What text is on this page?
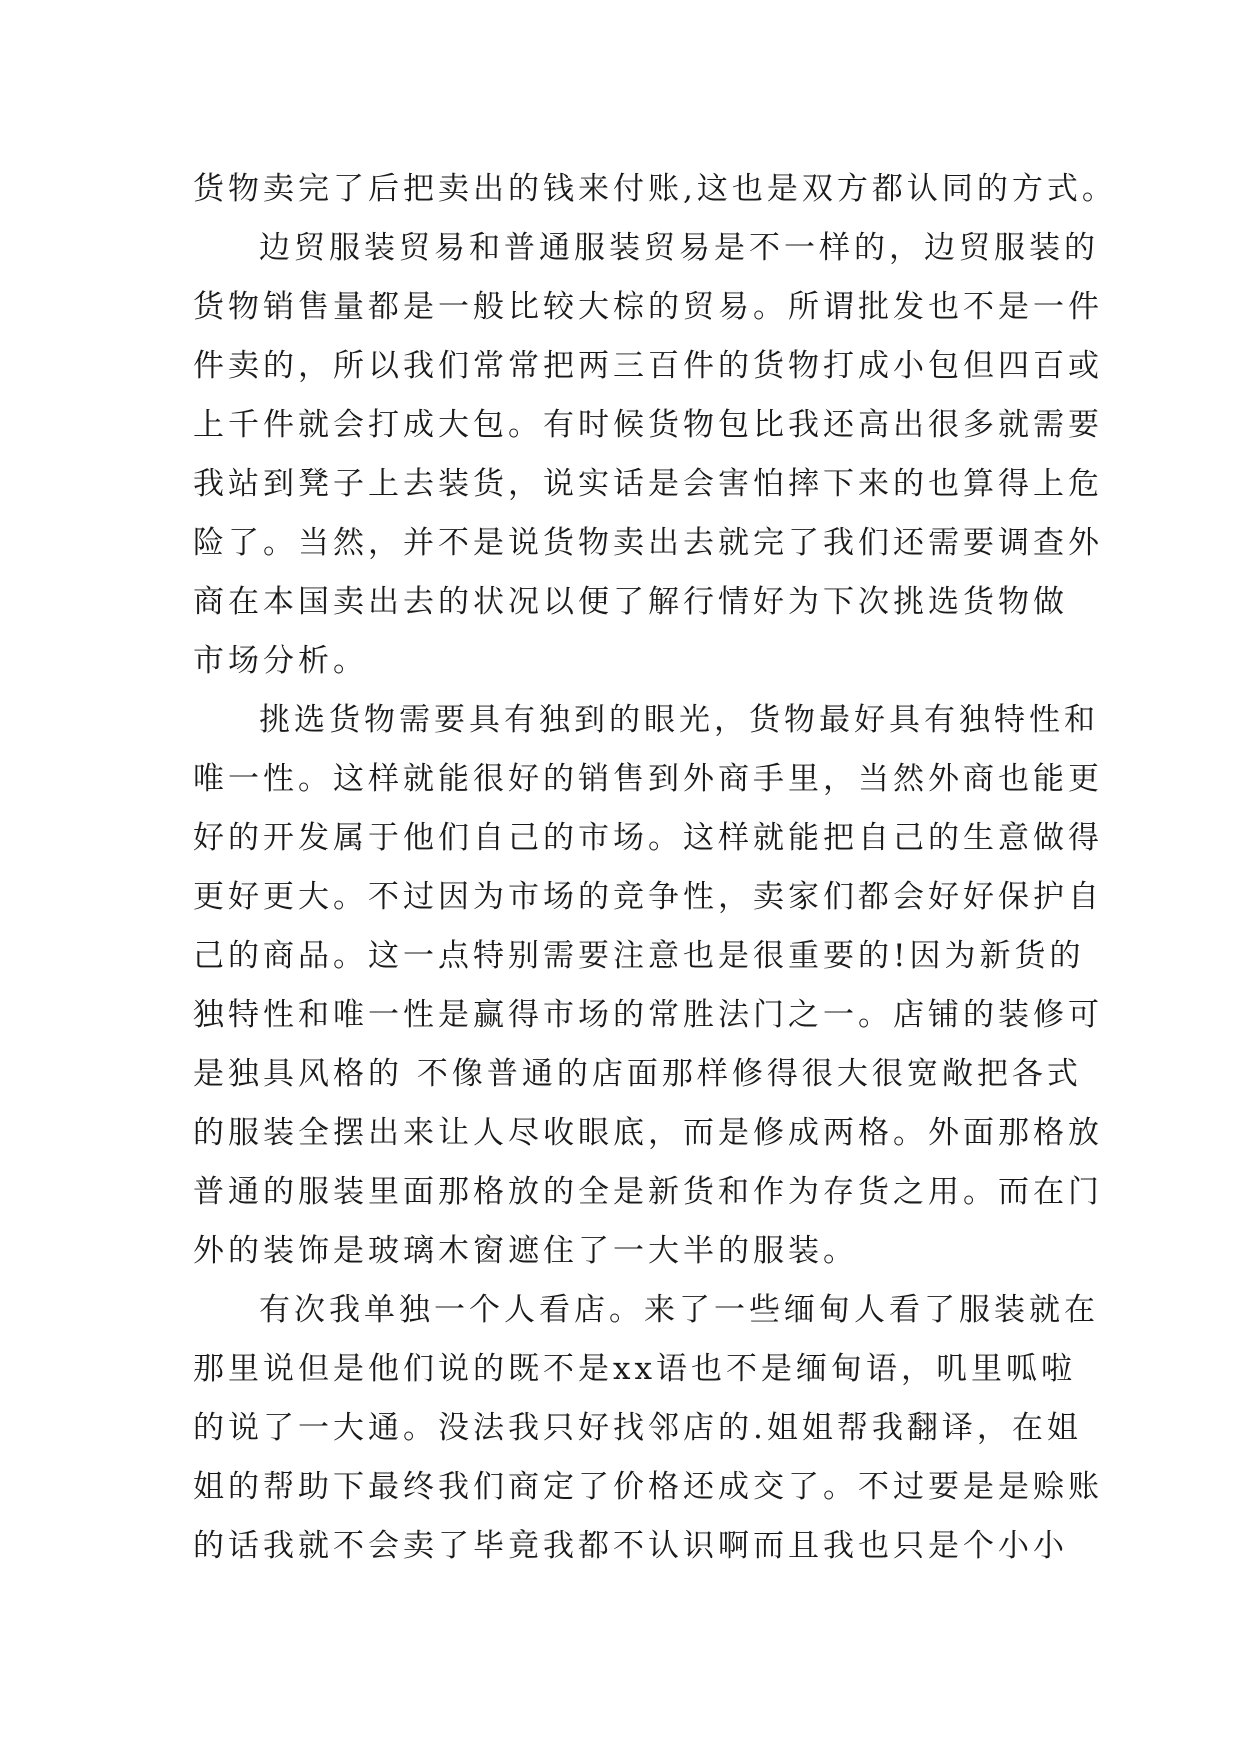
货物卖完了后把卖出的钱来付账,这也是双方都认同的方式。

边贸服装贸易和普通服装贸易是不一样的，边贸服装的

货物销售量都是一般比较大棕的贸易。所谓批发也不是一件

件卖的，所以我们常常把两三百件的货物打成小包但四百或

上千件就会打成大包。有时候货物包比我还高出很多就需要

我站到凳子上去装货，说实话是会害怕摔下来的也算得上危

险了。当然，并不是说货物卖出去就完了我们还需要调查外

商在本国卖出去的状况以便了解行情好为下次挑选货物做

市场分析。

挑选货物需要具有独到的眼光，货物最好具有独特性和

唯一性。这样就能很好的销售到外商手里，当然外商也能更

好的开发属于他们自己的市场。这样就能把自己的生意做得

更好更大。不过因为市场的竞争性，卖家们都会好好保护自

己的商品。这一点特别需要注意也是很重要的!因为新货的

独特性和唯一性是赢得市场的常胜法门之一。店铺的装修可

是独具风格的 不像普通的店面那样修得很大很宽敞把各式

的服装全摆出来让人尽收眼底，而是修成两格。外面那格放

普通的服装里面那格放的全是新货和作为存货之用。而在门

外的装饰是玻璃木窗遮住了一大半的服装。

有次我单独一个人看店。来了一些缅甸人看了服装就在

那里说但是他们说的既不是xx语也不是缅甸语，叽里呱啦

的说了一大通。没法我只好找邻店的.姐姐帮我翻译，在姐

姐的帮助下最终我们商定了价格还成交了。不过要是是赊账

的话我就不会卖了毕竟我都不认识啊而且我也只是个小小
